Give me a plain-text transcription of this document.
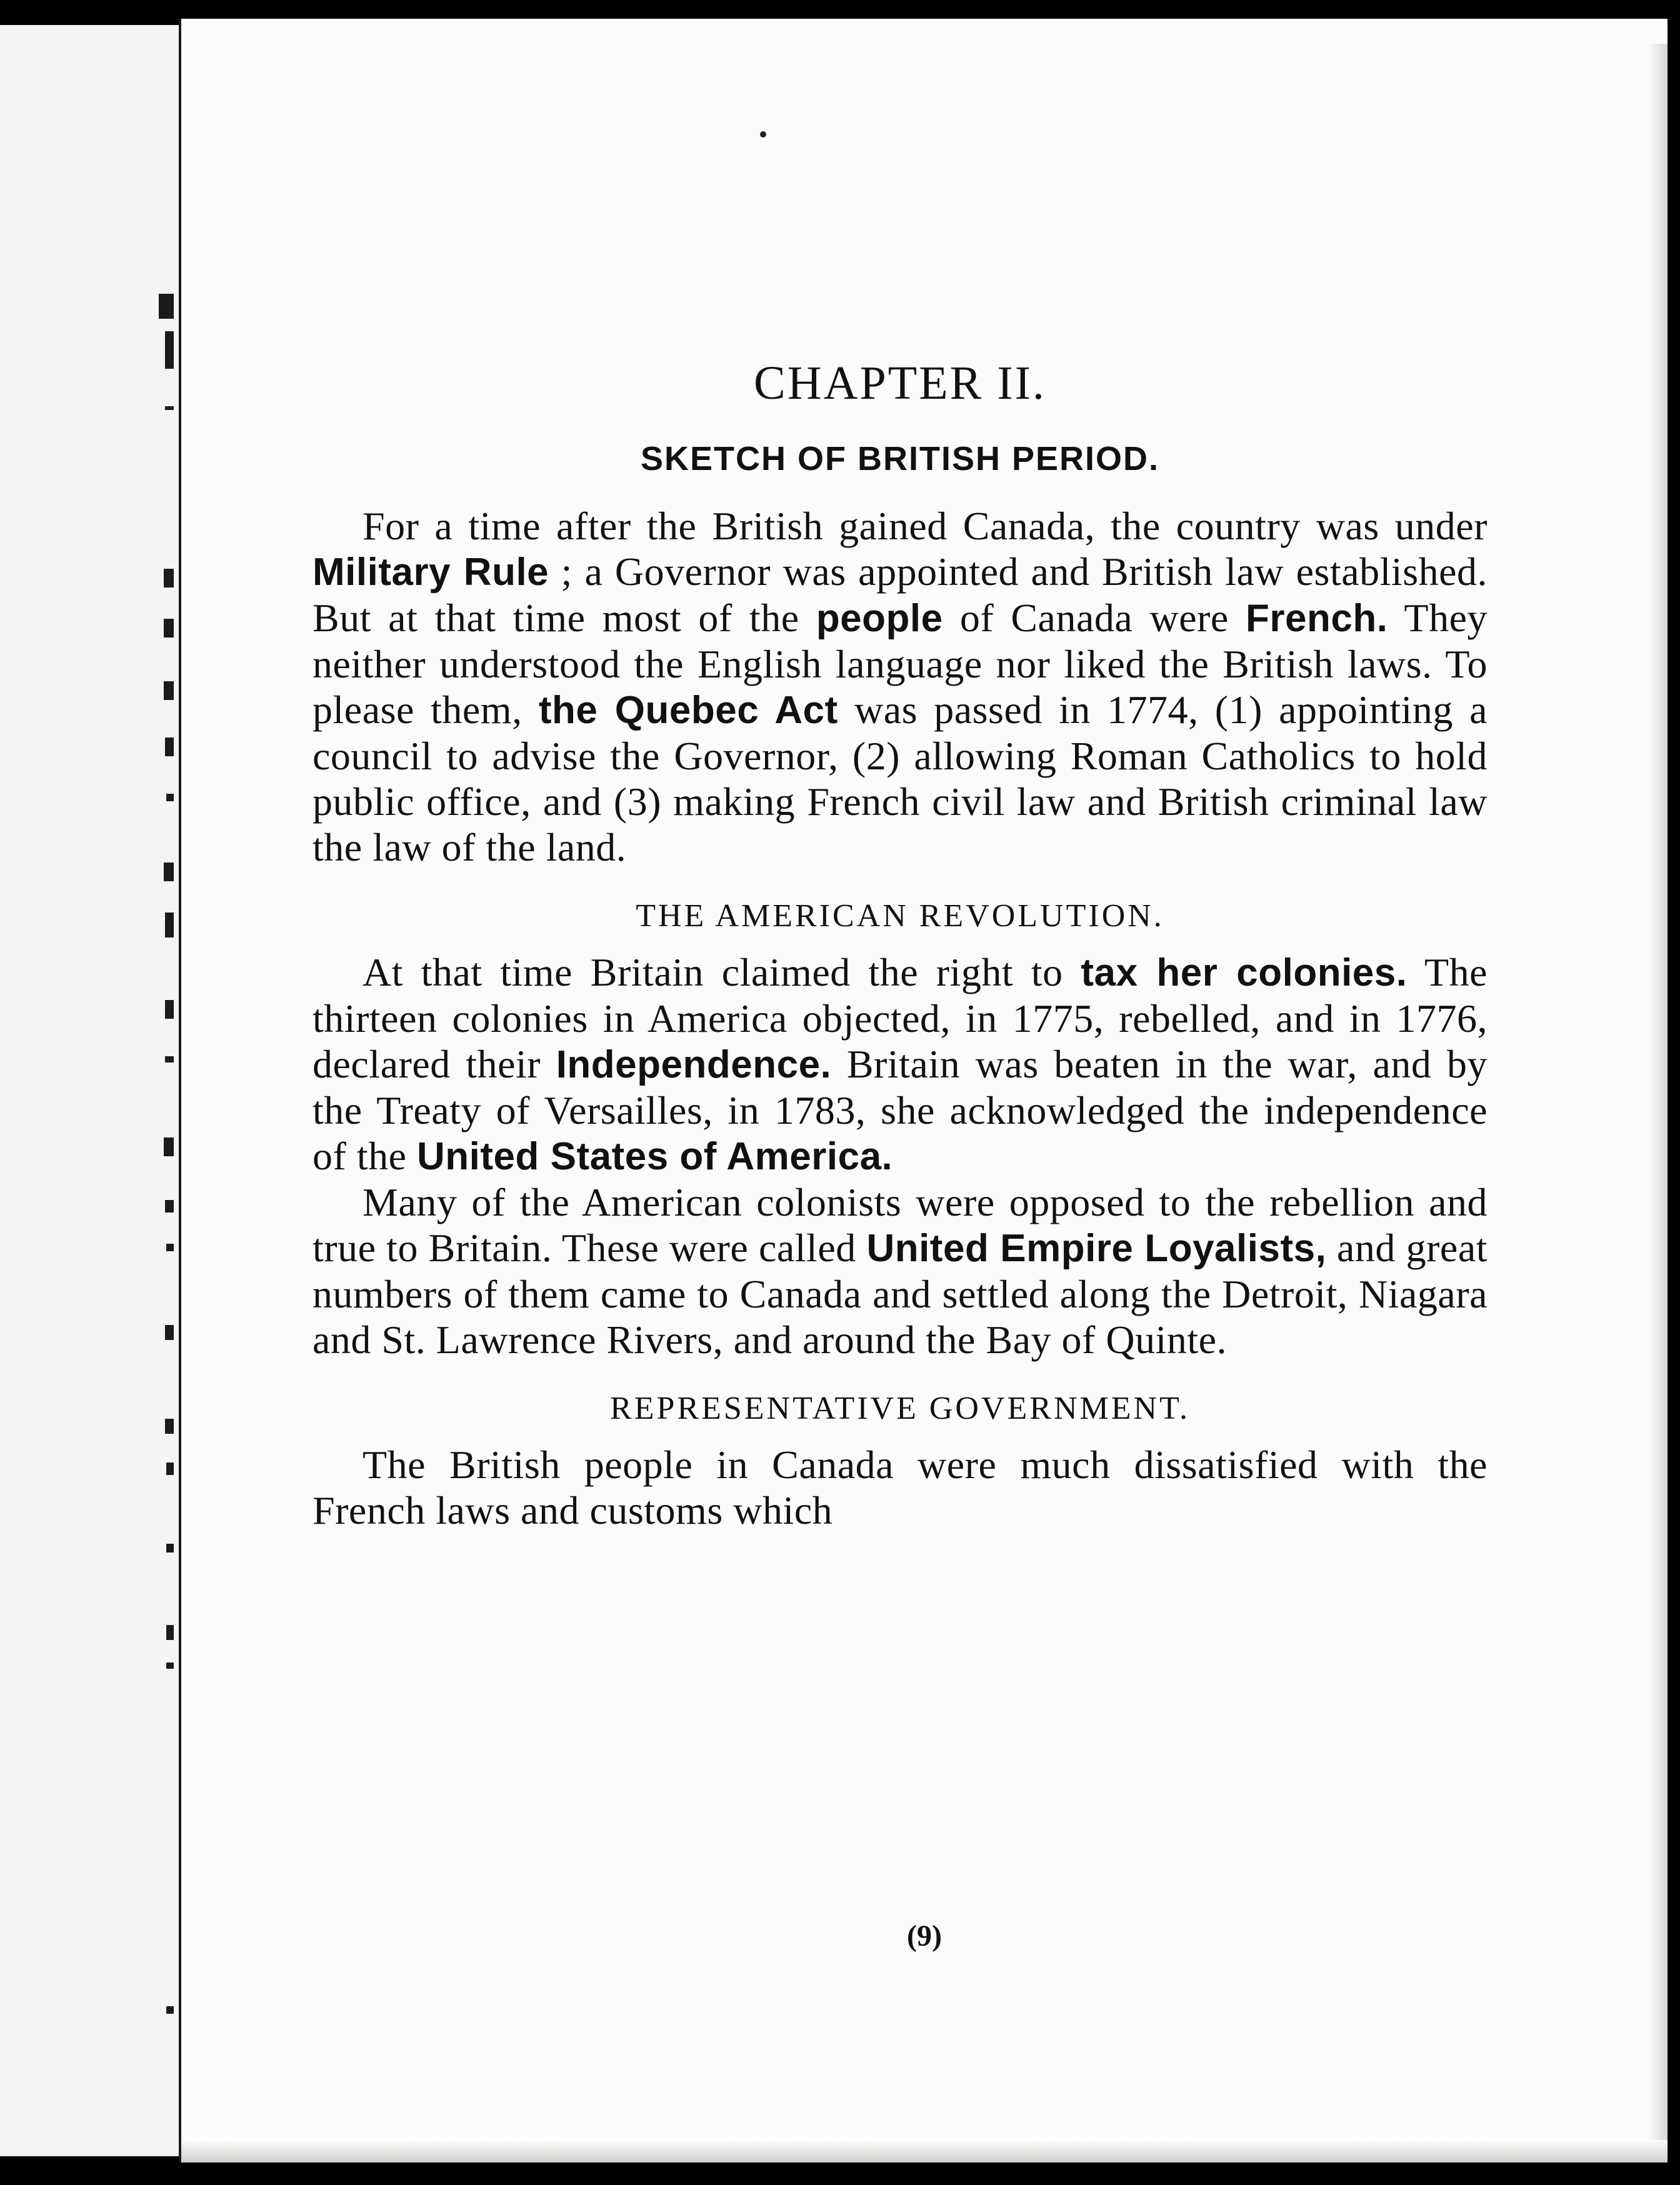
CHAPTER II.
SKETCH OF BRITISH PERIOD.

For a time after the British gained Canada, the country was under Military Rule ; a Governor was appointed and British law established. But at that time most of the people of Canada were French. They neither understood the English language nor liked the British laws. To please them, the Quebec Act was passed in 1774, (1) appointing a council to advise the Governor, (2) allowing Roman Catholics to hold public office, and (3) making French civil law and British criminal law the law of the land.

THE AMERICAN REVOLUTION.

At that time Britain claimed the right to tax her colonies. The thirteen colonies in America objected, in 1775, rebelled, and in 1776, declared their Independence. Britain was beaten in the war, and by the Treaty of Versailles, in 1783, she acknowledged the independence of the United States of America.

Many of the American colonists were opposed to the rebellion and true to Britain. These were called United Empire Loyalists, and great numbers of them came to Canada and settled along the Detroit, Niagara and St. Lawrence Rivers, and around the Bay of Quinte.

REPRESENTATIVE GOVERNMENT.

The British people in Canada were much dissatisfied with the French laws and customs which

(9)
